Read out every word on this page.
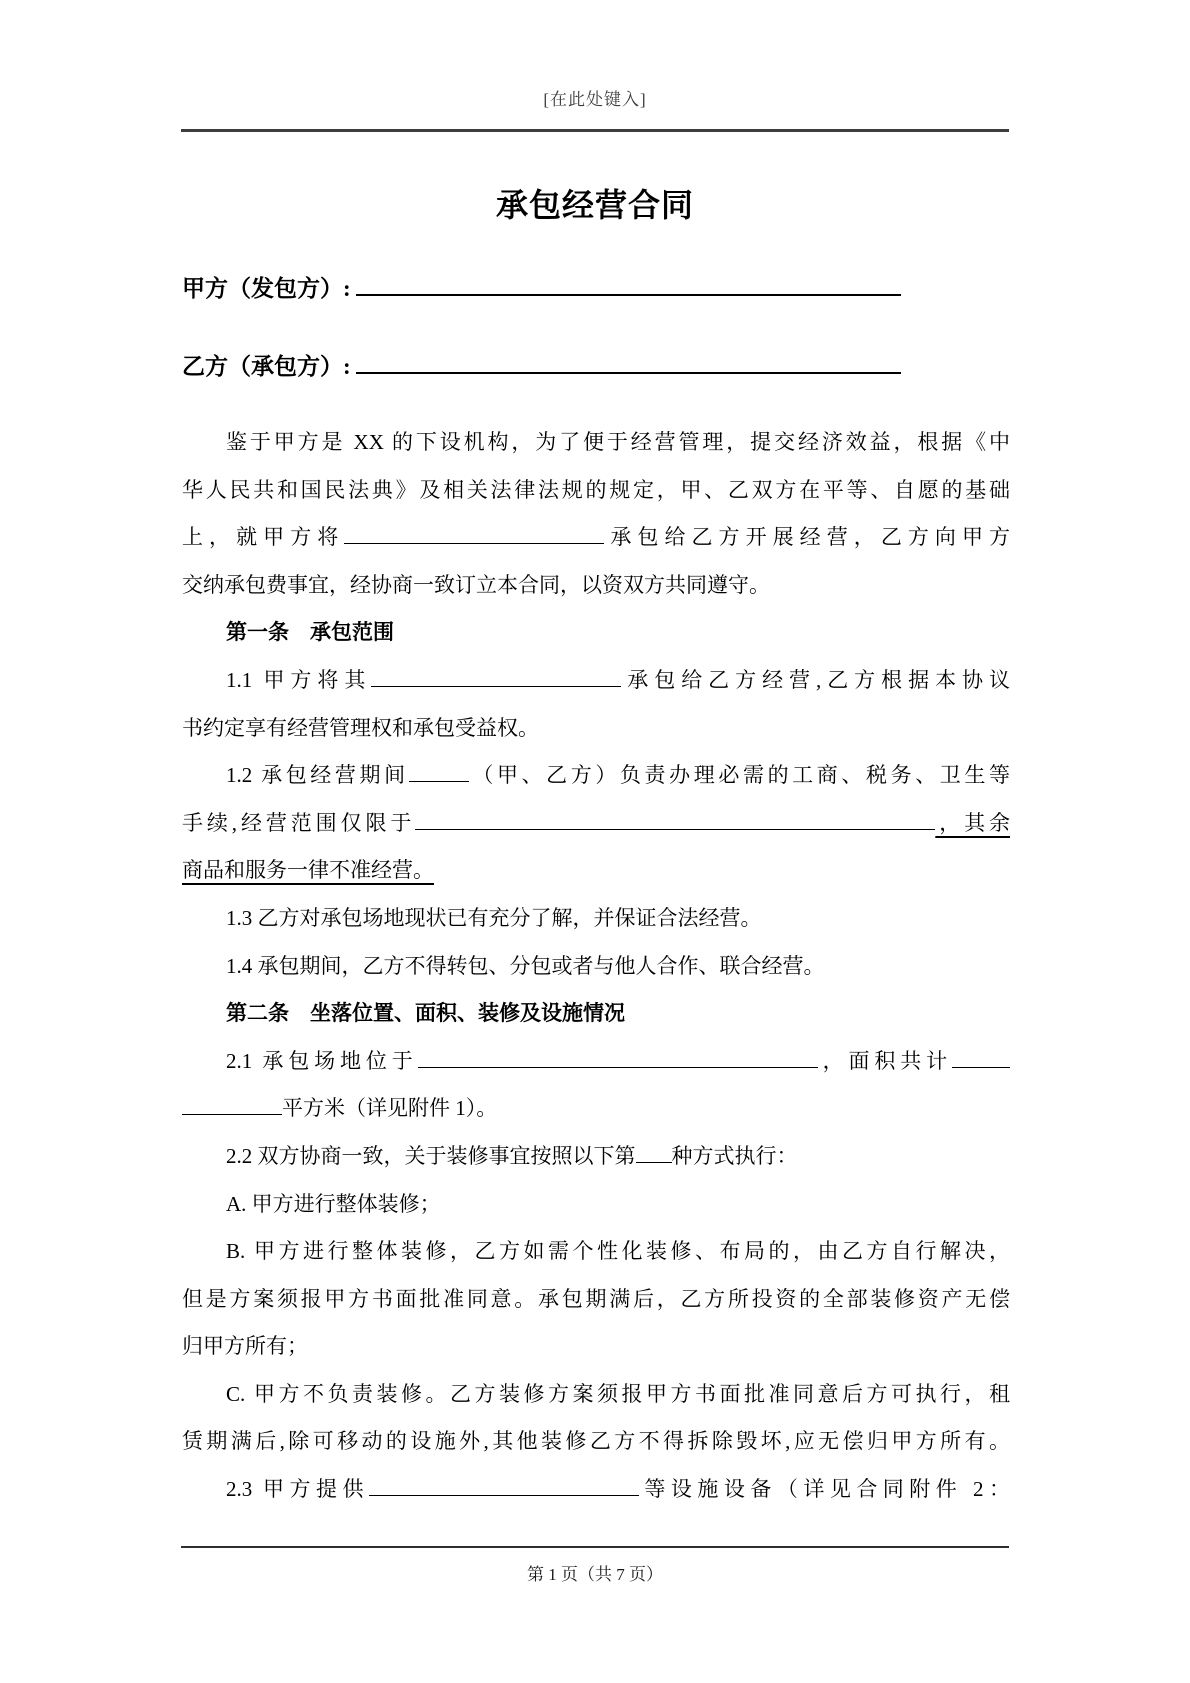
[在此处键入]
承包经营合同
甲方（发包方）:
乙方（承包方）:
鉴于甲方是 XX 的下设机构，为了便于经营管理，提交经济效益，根据《中
华人民共和国民法典》及相关法律法规的规定，甲、乙双方在平等、自愿的基础
上，就甲方将	承包给乙方开展经营，乙方向甲方
交纳承包费事宜，经协商一致订立本合同，以资双方共同遵守。
第一条　承包范围
1.1 甲方将其	承包给乙方经营,乙方根据本协议
书约定享有经营管理权和承包受益权。
1.2 承包经营期间	（甲、乙方）负责办理必需的工商、税务、卫生等
手续,经营范围仅限于	，其余
商品和服务一律不准经营。
1.3 乙方对承包场地现状已有充分了解，并保证合法经营。
1.4 承包期间，乙方不得转包、分包或者与他人合作、联合经营。
第二条　坐落位置、面积、装修及设施情况
2.1 承包场地位于	，面积共计
平方米（详见附件 1）。
2.2 双方协商一致，关于装修事宜按照以下第 种方式执行：
A. 甲方进行整体装修；
B. 甲方进行整体装修，乙方如需个性化装修、布局的，由乙方自行解决，
但是方案须报甲方书面批准同意。承包期满后，乙方所投资的全部装修资产无偿
归甲方所有；
C. 甲方不负责装修。乙方装修方案须报甲方书面批准同意后方可执行，租
赁期满后,除可移动的设施外,其他装修乙方不得拆除毁坏,应无偿归甲方所有。
2.3 甲方提供	等设施设备（详见合同附件 2：
第 1 页（共 7 页）
